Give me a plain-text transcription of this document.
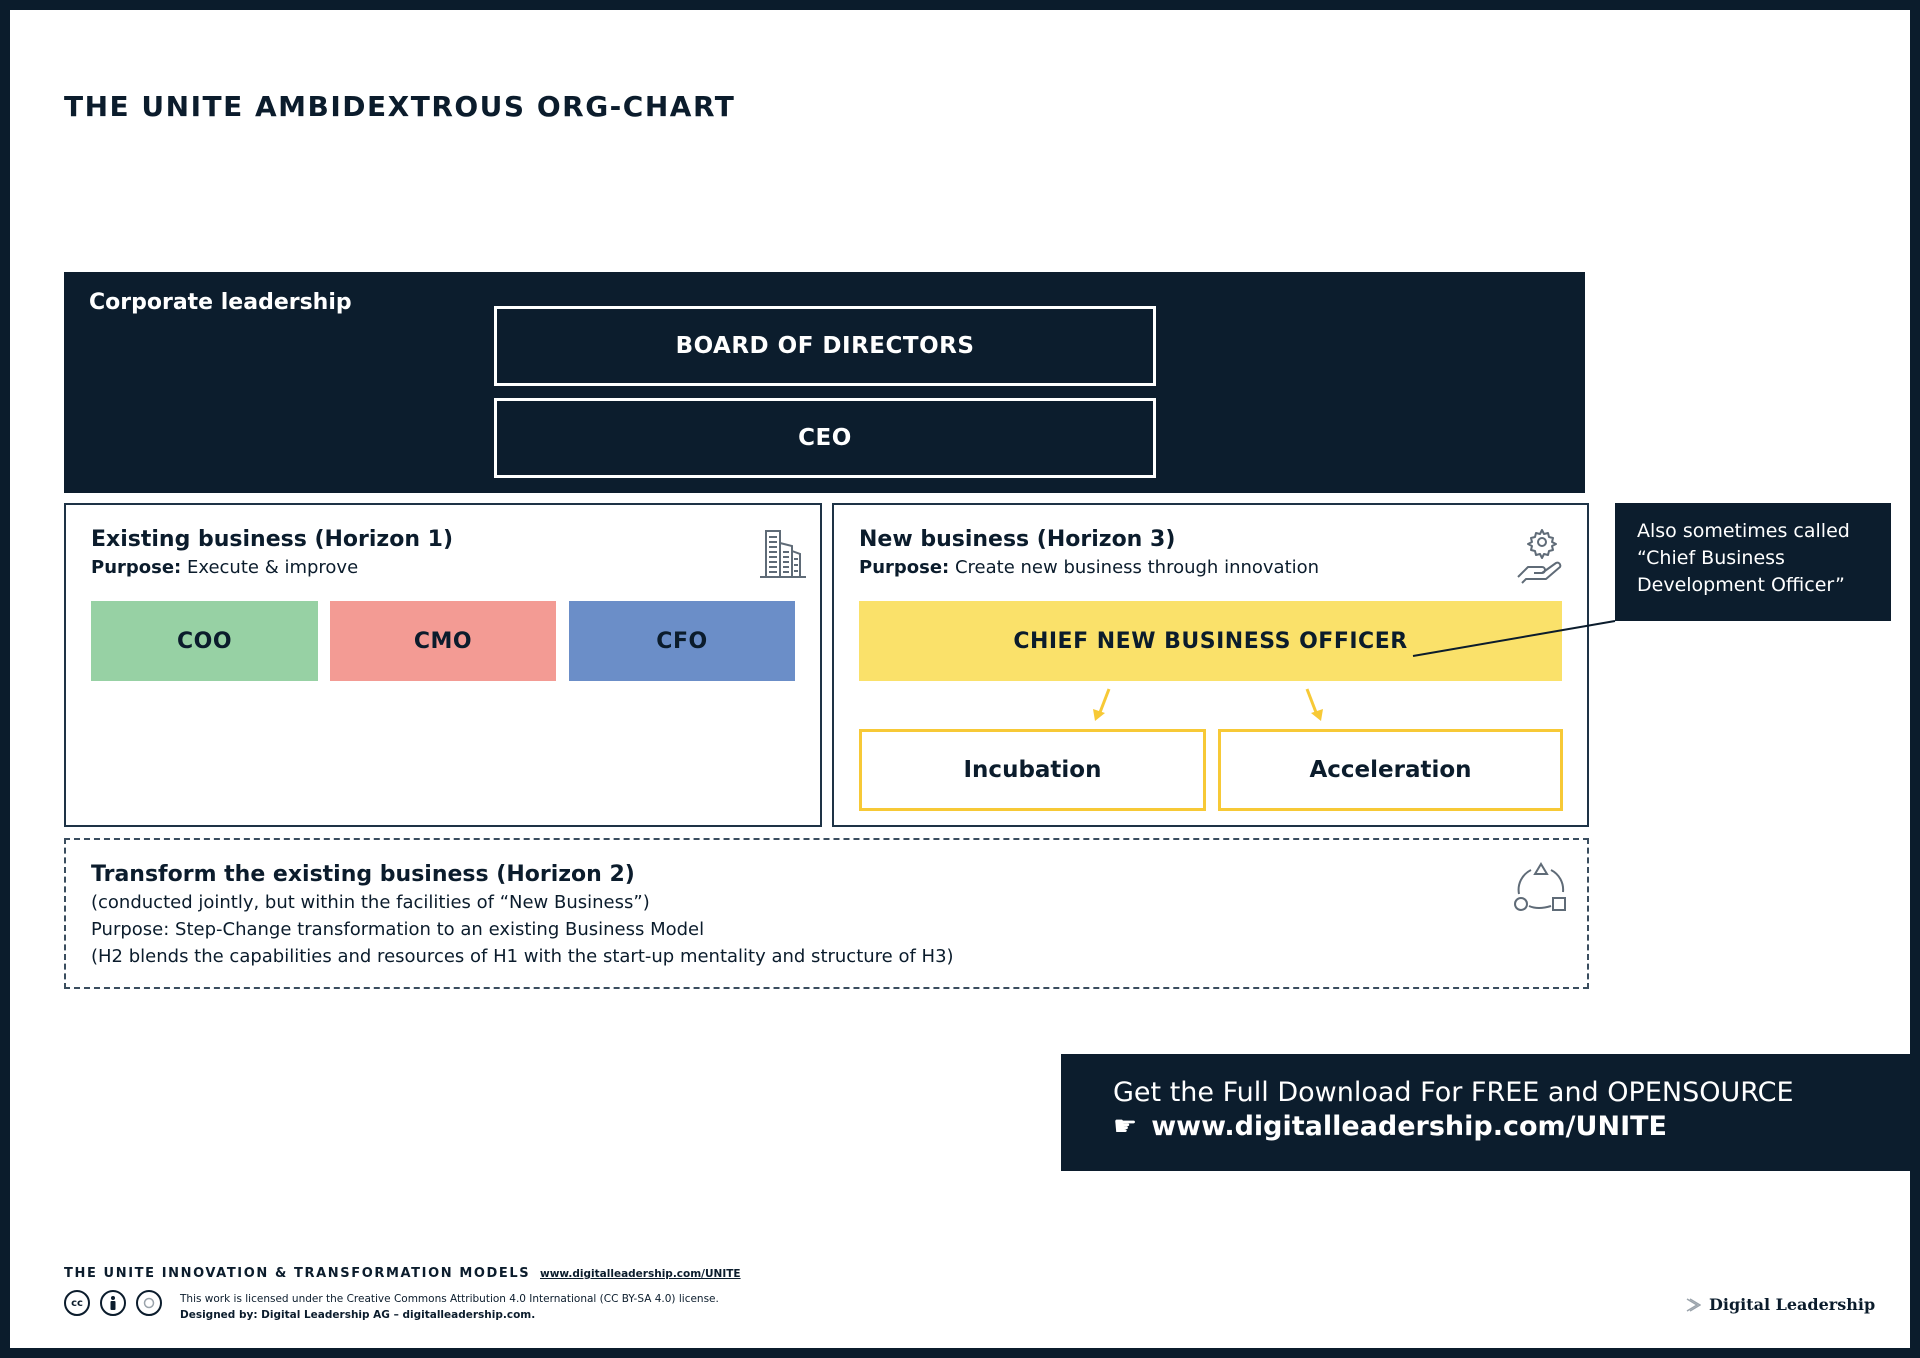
THE UNITE AMBIDEXTROUS ORG-CHART
Corporate leadership
BOARD OF DIRECTORS
CEO
Existing business (Horizon 1)
Purpose: Execute & improve
COO	CMO	CFO
New business (Horizon 3)
Purpose: Create new business through innovation
CHIEF NEW BUSINESS OFFICER
Incubation	Acceleration
Also sometimes called
“Chief Business
Development Officer”
Transform the existing business (Horizon 2)
(conducted jointly, but within the facilities of “New Business”)
Purpose: Step-Change transformation to an existing Business Model
(H2 blends the capabilities and resources of H1 with the start-up mentality and structure of H3)
Get the Full Download For FREE and OPENSOURCE
☛ www.digitalleadership.com/UNITE
THE UNITE INNOVATION & TRANSFORMATION MODELS www.digitalleadership.com/UNITE
cc	This work is licensed under the Creative Commons Attribution 4.0 International (CC BY-SA 4.0) license.
Designed by: Digital Leadership AG – digitalleadership.com.
Digital Leadership
